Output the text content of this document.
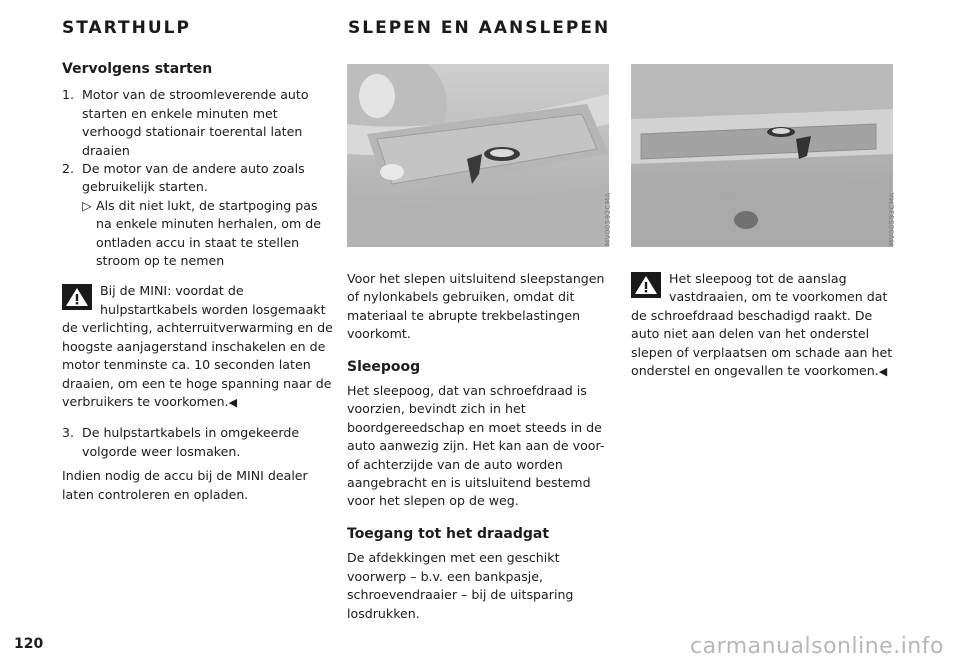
STARTHULP	SLEPEN EN AANSLEPEN
Vervolgens starten
1. Motor van de stroomleverende auto starten en enkele minuten met verhoogd stationair toerental laten draaien
2. De motor van de andere auto zoals gebruikelijk starten.
▷ Als dit niet lukt, de startpoging pas na enkele minuten herhalen, om de ontladen accu in staat te stellen stroom op te nemen
Bij de MINI: voordat de hulpstartkabels worden losgemaakt de verlichting, achterruitverwarming en de hoogste aanjagerstand inschakelen en de motor tenminste ca. 10 seconden laten draaien, om een te hoge spanning naar de verbruikers te voorkomen.◀
3. De hulpstartkabels in omgekeerde volgorde weer losmaken.

Indien nodig de accu bij de MINI dealer laten controleren en opladen.

MV00592CMA	MV00593CMA

Voor het slepen uitsluitend sleepstangen of nylonkabels gebruiken, omdat dit materiaal te abrupte trekbelastingen voorkomt.

Sleepoog

Het sleepoog, dat van schroefdraad is voorzien, bevindt zich in het boordgereedschap en moet steeds in de auto aanwezig zijn. Het kan aan de voor- of achterzijde van de auto worden aangebracht en is uitsluitend bestemd voor het slepen op de weg.

Toegang tot het draadgat

De afdekkingen met een geschikt voorwerp – b.v. een bankpasje, schroevendraaier – bij de uitsparing losdrukken.

Het sleepoog tot de aanslag vastdraaien, om te voorkomen dat de schroefdraad beschadigd raakt. De auto niet aan delen van het onderstel slepen of verplaatsen om schade aan het onderstel en ongevallen te voorkomen.◀
120	carmanualsonline.info
